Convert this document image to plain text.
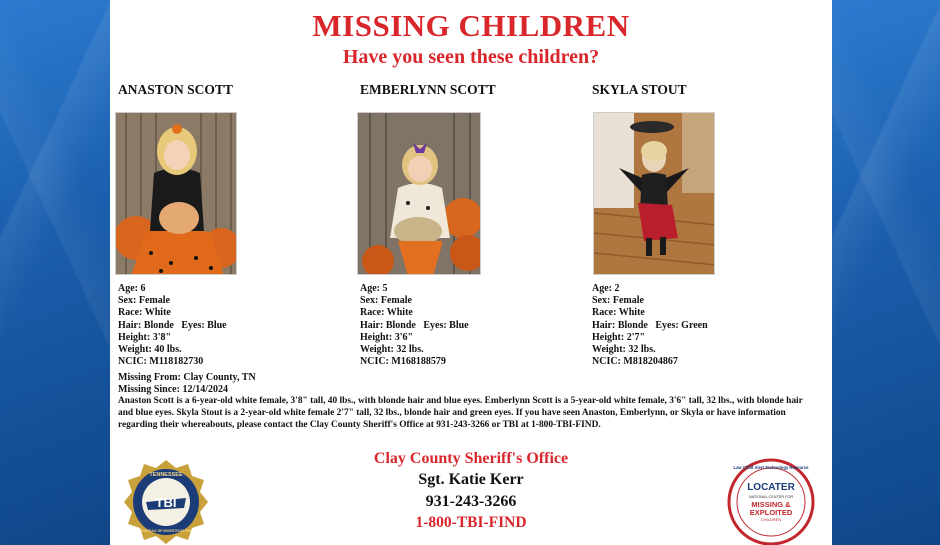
MISSING CHILDREN
Have you seen these children?
ANASTON SCOTT
Age: 6
Sex: Female
Race: White
Hair: Blonde Eyes: Blue
Height: 3'8"
Weight: 40 lbs.
NCIC: M118182730
EMBERLYNN SCOTT
Age: 5
Sex: Female
Race: White
Hair: Blonde Eyes: Blue
Height: 3'6"
Weight: 32 lbs.
NCIC: M168188579
SKYLA STOUT
Age: 2
Sex: Female
Race: White
Hair: Blonde Eyes: Green
Height: 2'7"
Weight: 32 lbs.
NCIC: M818204867
Missing From: Clay County, TN
Missing Since: 12/14/2024
Anaston Scott is a 6-year-old white female, 3'8" tall, 40 lbs., with blonde hair and blue eyes. Emberlynn Scott is a 5-year-old white female, 3'6" tall, 32 lbs., with blonde hair and blue eyes. Skyla Stout is a 2-year-old white female 2'7" tall, 32 lbs., blonde hair and green eyes. If you have seen Anaston, Emberlynn, or Skyla or have information regarding their whereabouts, please contact the Clay County Sheriff's Office at 931-243-3266 or TBI at 1-800-TBI-FIND.
Clay County Sheriff's Office
Sgt. Katie Kerr
931-243-3266
1-800-TBI-FIND
TENNESSEE
TBI
BUREAU OF INVESTIGATION
Law Child Alert Technology Resource
LOCATER
NATIONAL CENTER FOR
MISSING &
EXPLOITED
CHILDREN
